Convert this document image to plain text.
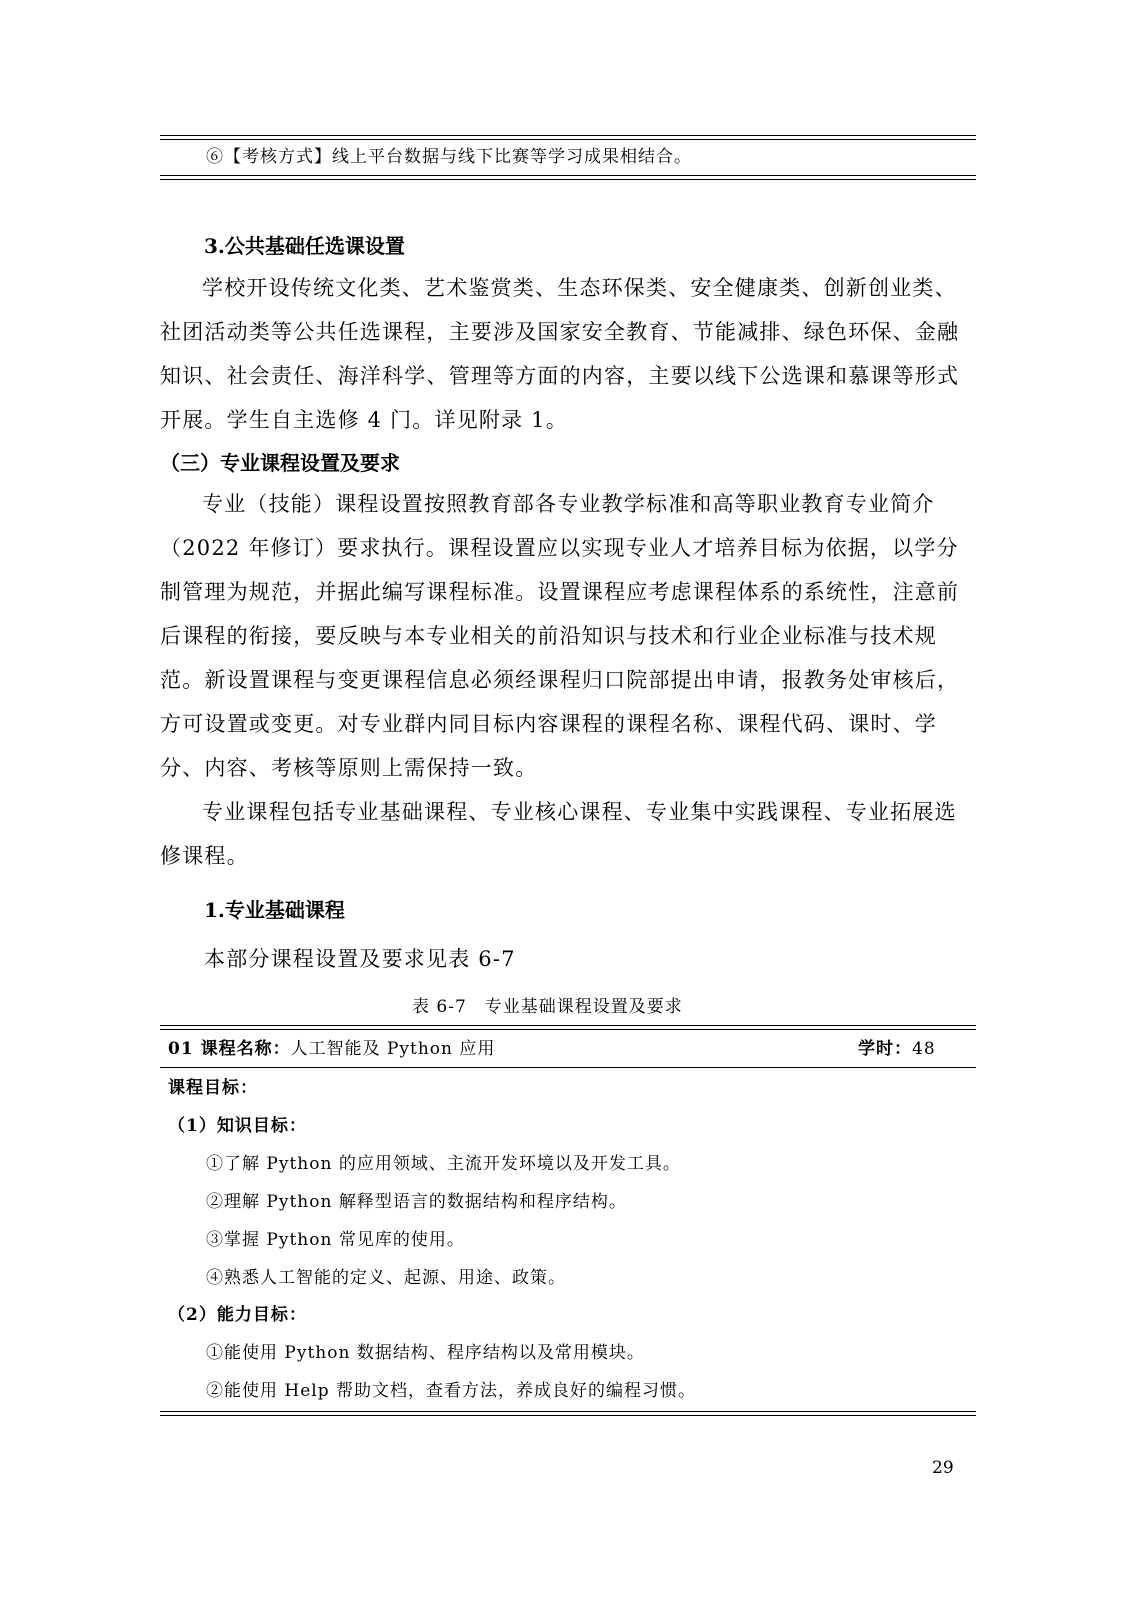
⑥【考核方式】线上平台数据与线下比赛等学习成果相结合。
3.公共基础任选课设置

学校开设传统文化类、艺术鉴赏类、生态环保类、安全健康类、创新创业类、社团活动类等公共任选课程，主要涉及国家安全教育、节能减排、绿色环保、金融知识、社会责任、海洋科学、管理等方面的内容，主要以线下公选课和慕课等形式开展。学生自主选修 4 门。详见附录 1。

（三）专业课程设置及要求

专业（技能）课程设置按照教育部各专业教学标准和高等职业教育专业简介（2022 年修订）要求执行。课程设置应以实现专业人才培养目标为依据，以学分制管理为规范，并据此编写课程标准。设置课程应考虑课程体系的系统性，注意前后课程的衔接，要反映与本专业相关的前沿知识与技术和行业企业标准与技术规范。新设置课程与变更课程信息必须经课程归口院部提出申请，报教务处审核后，方可设置或变更。对专业群内同目标内容课程的课程名称、课程代码、课时、学分、内容、考核等原则上需保持一致。

专业课程包括专业基础课程、专业核心课程、专业集中实践课程、专业拓展选修课程。

1.专业基础课程
本部分课程设置及要求见表 6-7
表 6-7　专业基础课程设置及要求
01 课程名称：人工智能及 Python 应用	学时：48
课程目标：
（1）知识目标：
①了解 Python 的应用领域、主流开发环境以及开发工具。
②理解 Python 解释型语言的数据结构和程序结构。
③掌握 Python 常见库的使用。
④熟悉人工智能的定义、起源、用途、政策。
（2）能力目标：
①能使用 Python 数据结构、程序结构以及常用模块。
②能使用 Help 帮助文档，查看方法，养成良好的编程习惯。
29
